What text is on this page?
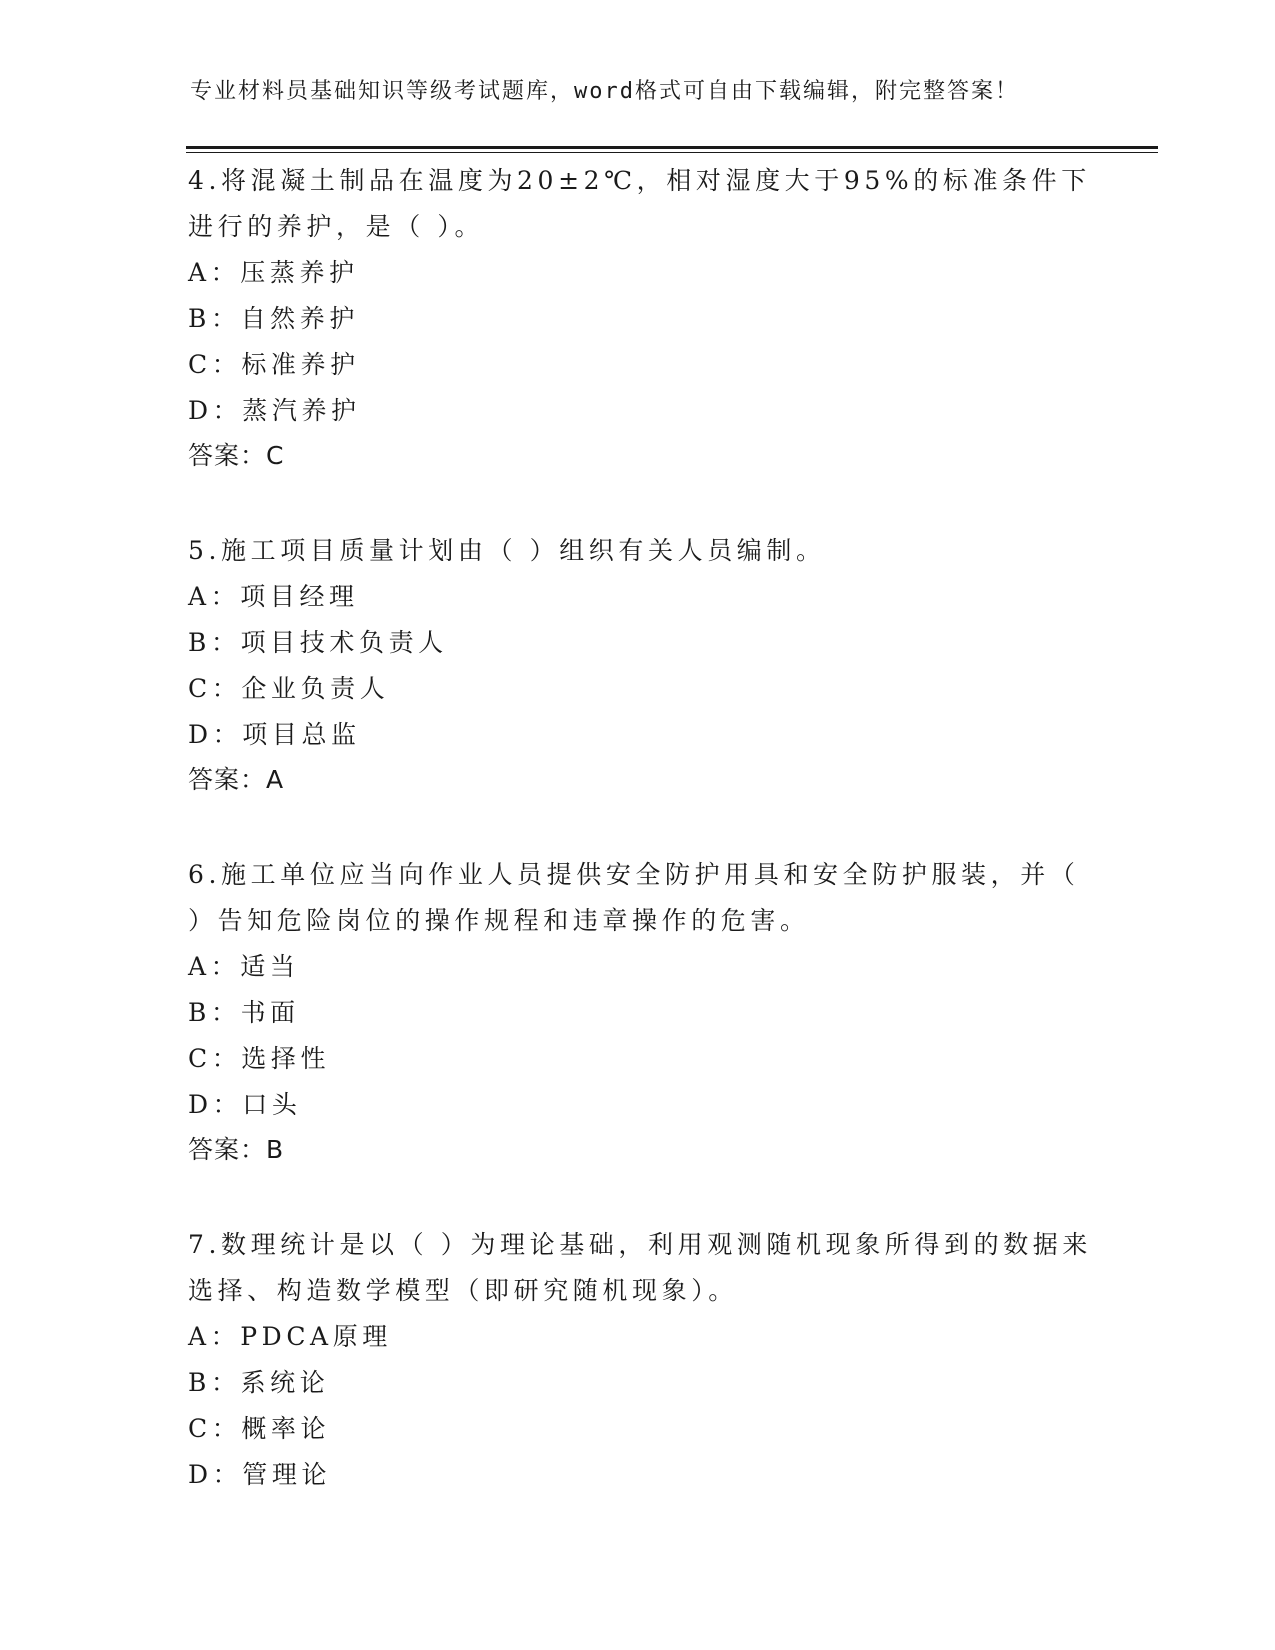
专业材料员基础知识等级考试题库，word格式可自由下载编辑，附完整答案！
4.将混凝土制品在温度为20±2℃，相对湿度大于95%的标准条件下
进行的养护，是（ ）。
A：压蒸养护
B：自然养护
C：标准养护
D：蒸汽养护
答案：C
5.施工项目质量计划由（ ）组织有关人员编制。
A：项目经理
B：项目技术负责人
C：企业负责人
D：项目总监
答案：A
6.施工单位应当向作业人员提供安全防护用具和安全防护服装，并（
）告知危险岗位的操作规程和违章操作的危害。
A：适当
B：书面
C：选择性
D：口头
答案：B
7.数理统计是以（ ）为理论基础，利用观测随机现象所得到的数据来
选择、构造数学模型（即研究随机现象）。
A：PDCA原理
B：系统论
C：概率论
D：管理论
